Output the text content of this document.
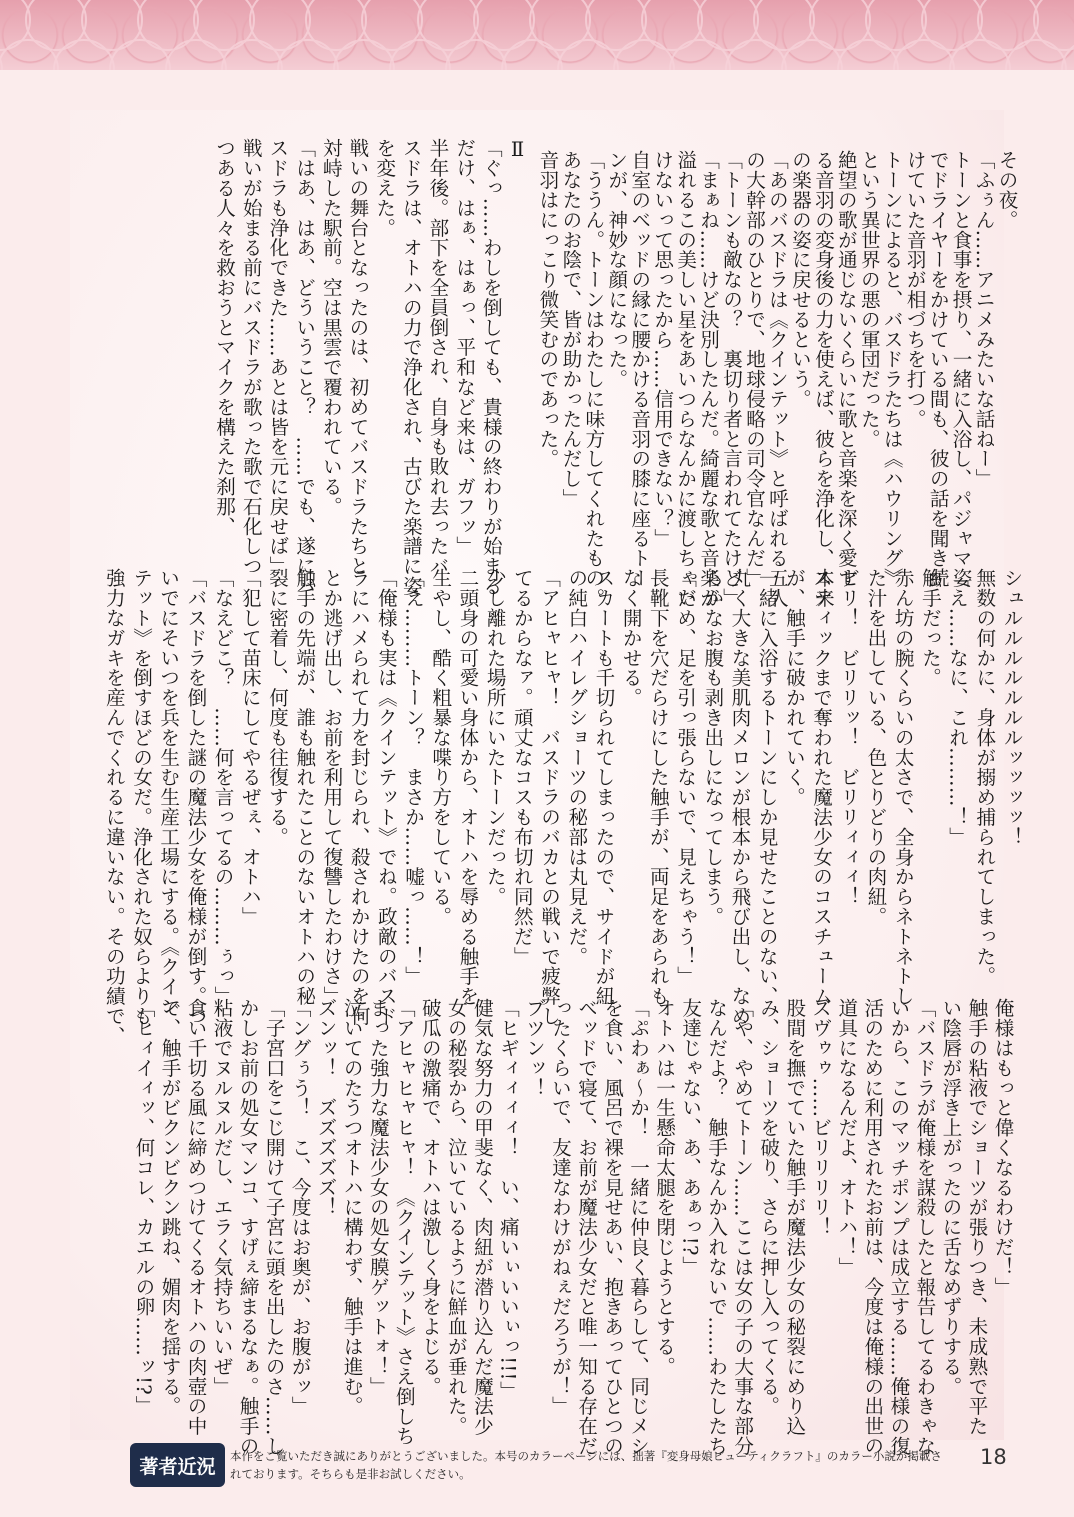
その夜。

「ふぅん……アニメみたいな話ねー」

トーンと食事を摂り、一緒に入浴し、パジャマ姿

でドライヤーをかけている間も、彼の話を聞き続

けていた音羽が相づちを打つ。

トーンによると、バスドラたちは《ハウリング》

という異世界の悪の軍団だった。

絶望の歌が通じないくらいに歌と音楽を深く愛す

る音羽の変身後の力を使えば、彼らを浄化し、本来

の楽器の姿に戻せるという。

「あのバスドラは《クインテット》と呼ばれる五人

の大幹部のひとりで、地球侵略の司令官なんだ」

「トーンも敵なの？　裏切り者と言われてたけど」

「まぁね……けど決別したんだ。綺麗な歌と音楽が

溢れるこの美しい星をあいつらなんかに渡しちゃい

けないって思ったから……信用できない？」

自室のベッドの縁に腰かける音羽の膝に座るトー

ンが、神妙な顔になった。

「ううん。トーンはわたしに味方してくれたもの。

あなたのお陰で、皆が助かったんだし」

音羽はにっこり微笑むのであった。

Ⅱ

「ぐっ……わしを倒しても、貴様の終わりが始まる

だけ、はぁ、はぁっ、平和など来は、ガフッ」

半年後。部下を全員倒され、自身も敗れ去ったバ

スドラは、オトハの力で浄化され、古びた楽譜に姿

を変えた。

戦いの舞台となったのは、初めてバスドラたちと

対峙した駅前。空は黒雲で覆われている。

「はあ、はあ、どういうこと？　……でも、遂にバ

スドラも浄化できた……あとは皆を元に戻せば」

戦いが始まる前にバスドラが歌った歌で石化しつ

つある人々を救おうとマイクを構えた刹那、

シュルルルルルルルッッッッ！

無数の何かに、身体が搦め捕られてしまった。

「え……なに、これ………！」

触手だった。

赤ん坊の腕くらいの太さで、全身からネトネトし

た汁を出している、色とりどりの肉紐。

ビリ！　ビリリッ！　ビリリィィィ！

スティックまで奪われた魔法少女のコスチューム

が、触手に破かれていく。

一緒に入浴するトーンにしか見せたことのない、

丸く大きな美肌肉メロンが根本から飛び出し、なめ

らかなお腹も剥き出しになってしまう。

「だめ、足を引っ張らないで、見えちゃう！」

長靴下を穴だらけにした触手が、両足をあられも

なく開かせる。

スカートも千切られてしまったので、サイドが紐

の純白ハイレグショーツの秘部は丸見えだ。

「アヒャヒャ！　バスドラのバカとの戦いで疲弊し

てるからなァ。頑丈なコスも布切れ同然だ」

少し離れた場所にいたトーンだった。

二頭身の可愛い身体から、オトハを辱める触手を

生やし、酷く粗暴な喋り方をしている。

「え………トーン？　まさか……嘘っ……！」

「俺様も実は《クインテット》でね。政敵のバスド

ラにハメられて力を封じられ、殺されかけたのを何

とか逃げ出し、お前を利用して復讐したわけさ」

触手の先端が、誰も触れたことのないオトハの秘

裂に密着し、何度も往復する。

「犯して苗床にしてやるぜぇ、オトハ」

「なえどこ？　……何を言ってるの………ぅっ」

「バスドラを倒した謎の魔法少女を俺様が倒す。つ

いでにそいつを兵を生む生産工場にする。《クイン

テット》を倒すほどの女だ。浄化された奴らよりも

強力なガキを産んでくれるに違いない。その功績で、

俺様はもっと偉くなるわけだ！」

触手の粘液でショーツが張りつき、未成熟で平た

い陰唇が浮き上がったのに舌なめずりする。

「バスドラが俺様を謀殺したと報告してるわきゃな

いから、このマッチポンプは成立する……俺様の復

活のために利用されたお前は、今度は俺様の出世の

道具になるんだよ、オトハ！」

ズヴゥゥ……ビリリリリ！

股間を撫でていた触手が魔法少女の秘裂にめり込

み、ショーツを破り、さらに押し入ってくる。

「や、やめてトーン……ここは女の子の大事な部分

なんだよ？　触手なんか入れないで……わたしたち

友達じゃない、あ、あぁっ!?」

オトハは一生懸命太腿を閉じようとする。

「ぷわぁ～か！　一緒に仲良く暮らして、同じメシ

を食い、風呂で裸を見せあい、抱きあってひとつの

ベッドで寝て、お前が魔法少女だと唯一知る存在だ

ったくらいで、友達なわけがねぇだろうが！」

ブツンッ！

「ヒギィィィィ！　い、痛いぃいいぃっ!!!」

健気な努力の甲斐なく、肉紐が潜り込んだ魔法少

女の秘裂から、泣いているように鮮血が垂れた。

破瓜の激痛で、オトハは激しく身をよじる。

「アヒャヒャヒャ！　《クインテット》さえ倒しち

まった強力な魔法少女の処女膜ゲットォ！」

泣いてのたうつオトハに構わず、触手は進む。

ズンッ！　ズズズズズ！

「ングぅう！　こ、今度はお奥が、お腹がッ」

「子宮口をこじ開けて子宮に頭を出したのさ……し

かしお前の処女マンコ、すげぇ締まるなぁ。触手の

粘液でヌルヌルだし、エラく気持ちいいぜ」

食い千切る風に締めつけてくるオトハの肉壺の中

で、触手がビクンビクン跳ね、媚肉を揺する。

「ヒィイィッ、何コレ、カエルの卵……ッ!?」

著者近況	本作をご覧いただき誠にありがとうございました。本号のカラーページには、拙著『変身母娘ビューティクラフト』のカラー小説が掲載さ
れております。そちらも是非お試しください。
18
